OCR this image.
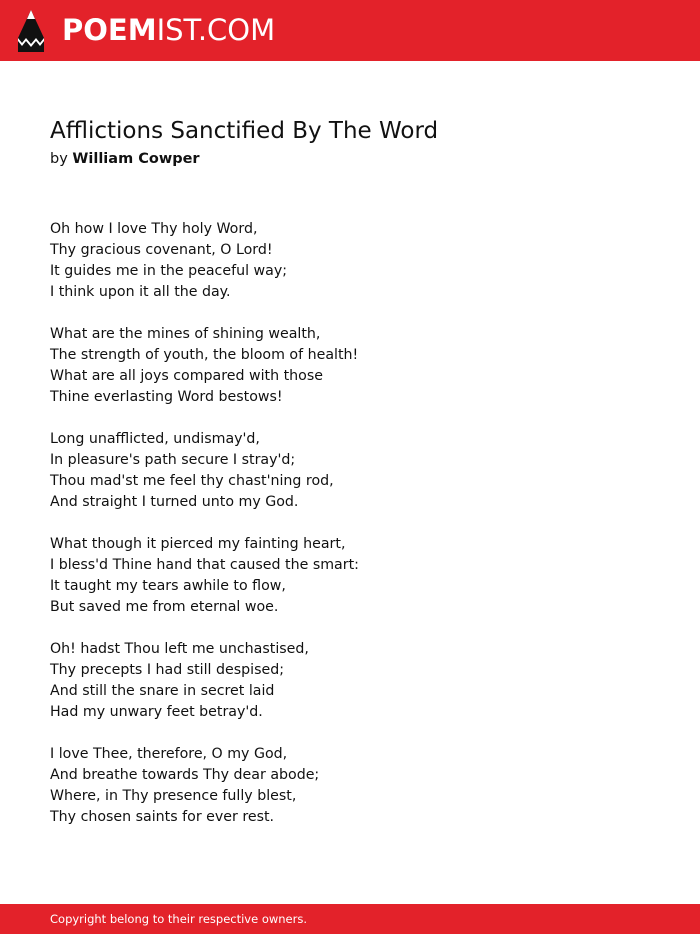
POEMIST.COM
Afflictions Sanctified By The Word
by William Cowper
Oh how I love Thy holy Word,
Thy gracious covenant, O Lord!
It guides me in the peaceful way;
I think upon it all the day.
What are the mines of shining wealth,
The strength of youth, the bloom of health!
What are all joys compared with those
Thine everlasting Word bestows!
Long unafflicted, undismay'd,
In pleasure's path secure I stray'd;
Thou mad'st me feel thy chast'ning rod,
And straight I turned unto my God.
What though it pierced my fainting heart,
I bless'd Thine hand that caused the smart:
It taught my tears awhile to flow,
But saved me from eternal woe.
Oh! hadst Thou left me unchastised,
Thy precepts I had still despised;
And still the snare in secret laid
Had my unwary feet betray'd.
I love Thee, therefore, O my God,
And breathe towards Thy dear abode;
Where, in Thy presence fully blest,
Thy chosen saints for ever rest.
Copyright belong to their respective owners.
